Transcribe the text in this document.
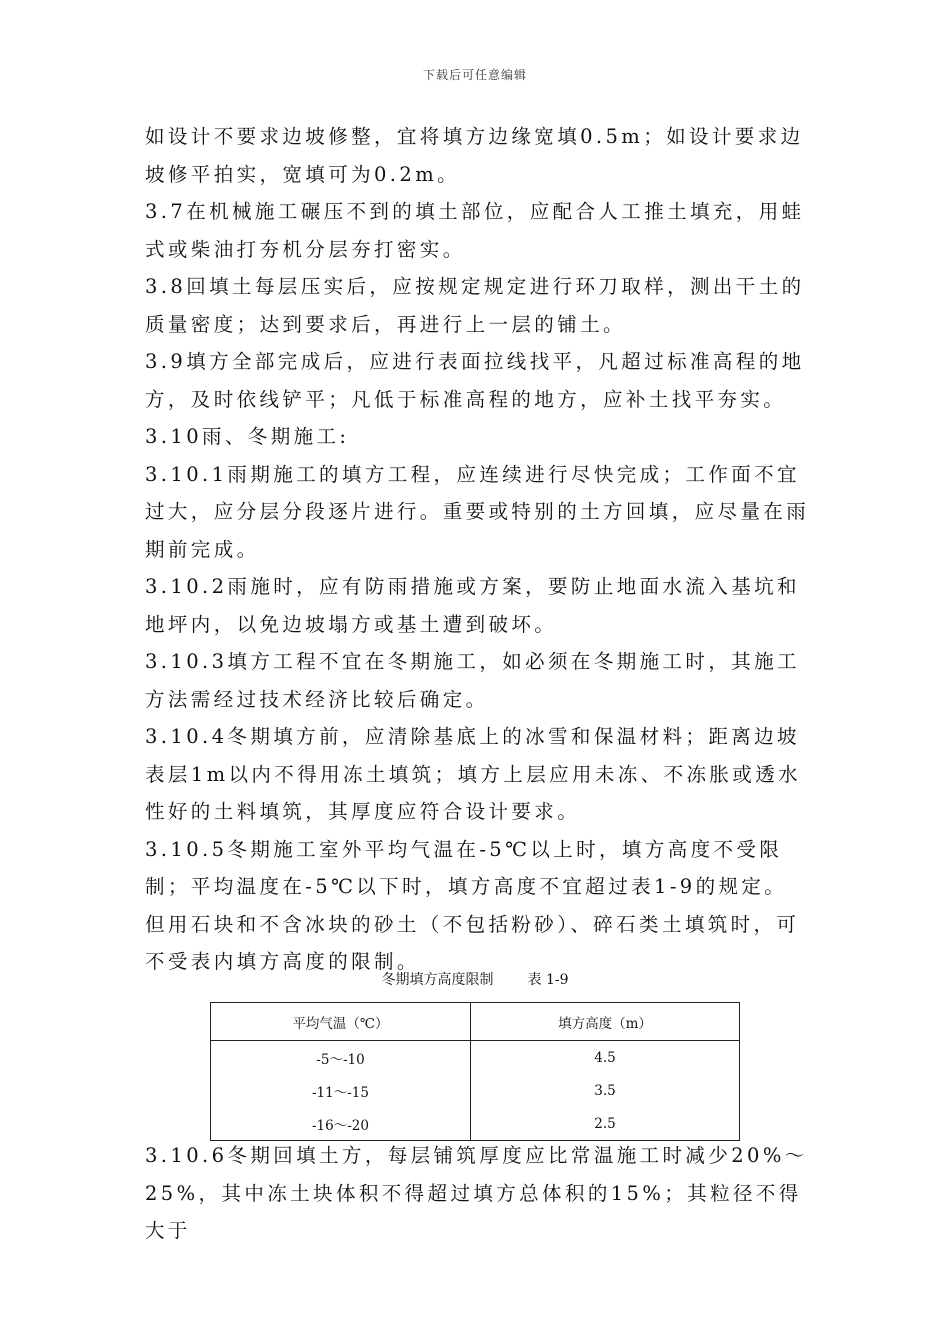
下载后可任意编辑

如设计不要求边坡修整，宜将填方边缘宽填0.5m；如设计要求边坡修平拍实，宽填可为0.2m。

3.7在机械施工碾压不到的填土部位，应配合人工推土填充，用蛙式或柴油打夯机分层夯打密实。

3.8回填土每层压实后，应按规定规定进行环刀取样，测出干土的质量密度；达到要求后，再进行上一层的铺土。

3.9填方全部完成后，应进行表面拉线找平，凡超过标准高程的地方，及时依线铲平；凡低于标准高程的地方，应补土找平夯实。

3.10雨、冬期施工:

3.10.1雨期施工的填方工程，应连续进行尽快完成；工作面不宜过大，应分层分段逐片进行。重要或特别的土方回填，应尽量在雨期前完成。

3.10.2雨施时，应有防雨措施或方案，要防止地面水流入基坑和地坪内，以免边坡塌方或基土遭到破坏。

3.10.3填方工程不宜在冬期施工，如必须在冬期施工时，其施工方法需经过技术经济比较后确定。

3.10.4冬期填方前，应清除基底上的冰雪和保温材料；距离边坡表层1m以内不得用冻土填筑；填方上层应用未冻、不冻胀或透水性好的土料填筑，其厚度应符合设计要求。

3.10.5冬期施工室外平均气温在-5℃以上时，填方高度不受限制；平均温度在-5℃以下时，填方高度不宜超过表1-9的规定。但用石块和不含冰块的砂土（不包括粉砂）、碎石类土填筑时，可不受表内填方高度的限制。

冬期填方高度限制 表 1-9
平均气温（℃）	填方高度（m）
-5～-10	4.5
-11～-15	3.5
-16～-20	2.5

3.10.6冬期回填土方，每层铺筑厚度应比常温施工时减少20%～25%，其中冻土块体积不得超过填方总体积的15%；其粒径不得大于
